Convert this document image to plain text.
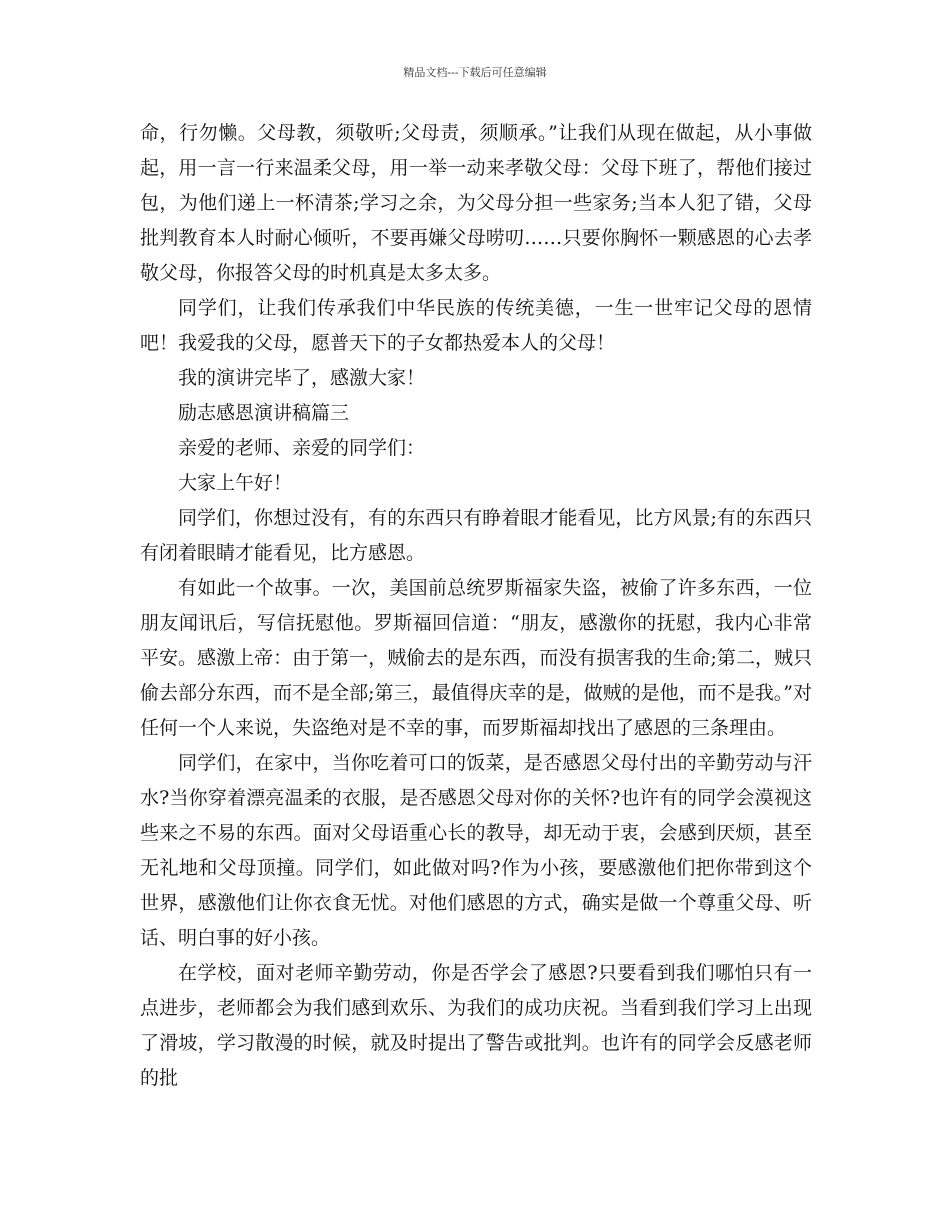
精品文档---下载后可任意编辑

命，行勿懒。父母教，须敬听;父母责，须顺承。”让我们从现在做起，从小事做起，用一言一行来温柔父母，用一举一动来孝敬父母：父母下班了，帮他们接过包，为他们递上一杯清茶;学习之余，为父母分担一些家务;当本人犯了错，父母批判教育本人时耐心倾听，不要再嫌父母唠叨……只要你胸怀一颗感恩的心去孝敬父母，你报答父母的时机真是太多太多。

同学们，让我们传承我们中华民族的传统美德，一生一世牢记父母的恩情吧！我爱我的父母，愿普天下的子女都热爱本人的父母！

我的演讲完毕了，感激大家！

励志感恩演讲稿篇三

亲爱的老师、亲爱的同学们：

大家上午好！

同学们，你想过没有，有的东西只有睁着眼才能看见，比方风景;有的东西只有闭着眼睛才能看见，比方感恩。

有如此一个故事。一次，美国前总统罗斯福家失盗，被偷了许多东西，一位朋友闻讯后，写信抚慰他。罗斯福回信道：“朋友，感激你的抚慰，我内心非常平安。感激上帝：由于第一，贼偷去的是东西，而没有损害我的生命;第二，贼只偷去部分东西，而不是全部;第三，最值得庆幸的是，做贼的是他，而不是我。”对任何一个人来说，失盗绝对是不幸的事，而罗斯福却找出了感恩的三条理由。

同学们，在家中，当你吃着可口的饭菜，是否感恩父母付出的辛勤劳动与汗水?当你穿着漂亮温柔的衣服，是否感恩父母对你的关怀?也许有的同学会漠视这些来之不易的东西。面对父母语重心长的教导，却无动于衷，会感到厌烦，甚至无礼地和父母顶撞。同学们，如此做对吗?作为小孩，要感激他们把你带到这个世界，感激他们让你衣食无忧。对他们感恩的方式，确实是做一个尊重父母、听话、明白事的好小孩。

在学校，面对老师辛勤劳动，你是否学会了感恩?只要看到我们哪怕只有一点进步，老师都会为我们感到欢乐、为我们的成功庆祝。当看到我们学习上出现了滑坡，学习散漫的时候，就及时提出了警告或批判。也许有的同学会反感老师的批
